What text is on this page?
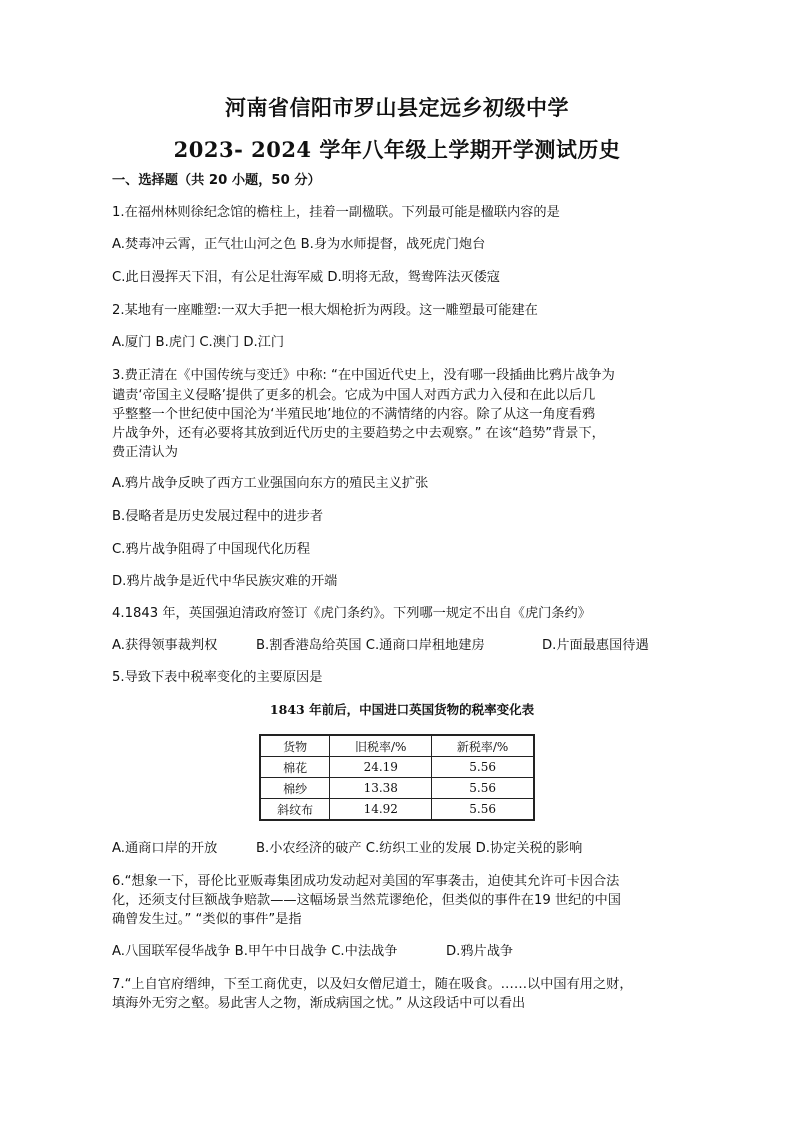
河南省信阳市罗山县定远乡初级中学
2023- 2024 学年八年级上学期开学测试历史
一、选择题（共 20 小题，50 分）
1.在福州林则徐纪念馆的檐柱上，挂着一副楹联。下列最可能是楹联内容的是
A.焚毒冲云霄，正气壮山河之色 B.身为水师提督，战死虎门炮台
C.此日漫挥天下泪，有公足壮海军威 D.明将无敌，鸳鸯阵法灭倭寇
2.某地有一座雕塑:一双大手把一根大烟枪折为两段。这一雕塑最可能建在
A.厦门 B.虎门 C.澳门 D.江门
3.费正清在《中国传统与变迁》中称: “在中国近代史上，没有哪一段插曲比鸦片战争为
谴责‘帝国主义侵略’提供了更多的机会。它成为中国人对西方武力入侵和在此以后几
乎整整一个世纪使中国沦为‘半殖民地’地位的不满情绪的内容。除了从这一角度看鸦
片战争外，还有必要将其放到近代历史的主要趋势之中去观察。” 在该“趋势”背景下，
费正清认为
A.鸦片战争反映了西方工业强国向东方的殖民主义扩张
B.侵略者是历史发展过程中的进步者
C.鸦片战争阻碍了中国现代化历程
D.鸦片战争是近代中华民族灾难的开端
4.1843 年，英国强迫清政府签订《虎门条约》。下列哪一规定不出自《虎门条约》
A.获得领事裁判权	B.割香港岛给英国 C.通商口岸租地建房	D.片面最惠国待遇
5.导致下表中税率变化的主要原因是
1843 年前后，中国进口英国货物的税率变化表
货物	旧税率/%	新税率/%
棉花	24.19	5.56
棉纱	13.38	5.56
斜纹布	14.92	5.56
A.通商口岸的开放	B.小农经济的破产 C.纺织工业的发展 D.协定关税的影响
6.“想象一下，哥伦比亚贩毒集团成功发动起对美国的军事袭击，迫使其允许可卡因合法
化，还须支付巨额战争赔款——这幅场景当然荒谬绝伦，但类似的事件在19 世纪的中国
确曾发生过。” “类似的事件”是指
A.八国联军侵华战争 B.甲午中日战争 C.中法战争	D.鸦片战争
7.“上自官府缙绅，下至工商优吏，以及妇女僧尼道士，随在吸食。……以中国有用之财，
填海外无穷之壑。易此害人之物，渐成病国之忧。” 从这段话中可以看出
